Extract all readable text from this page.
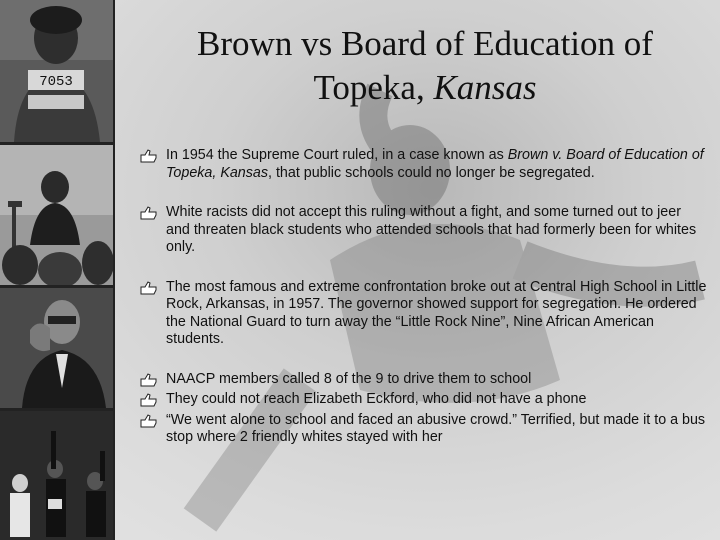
7053
Brown vs Board of Education of
Topeka, Kansas
In 1954 the Supreme Court ruled, in a case known as Brown v. Board of Education of Topeka, Kansas, that public schools could no longer be segregated.
White racists did not accept this ruling without a fight, and some turned out to jeer and threaten black students who attended schools that had formerly been for whites only.
The most famous and extreme confrontation broke out at Central High School in Little Rock, Arkansas, in 1957. The governor showed support for segregation. He ordered the National Guard to turn away the “Little Rock Nine”, Nine African American students.
NAACP members called 8 of the 9 to drive them to school
They could not reach Elizabeth Eckford, who did not have a phone
“We went alone to school and faced an abusive crowd.” Terrified, but made it to a bus stop where 2 friendly whites stayed with her
